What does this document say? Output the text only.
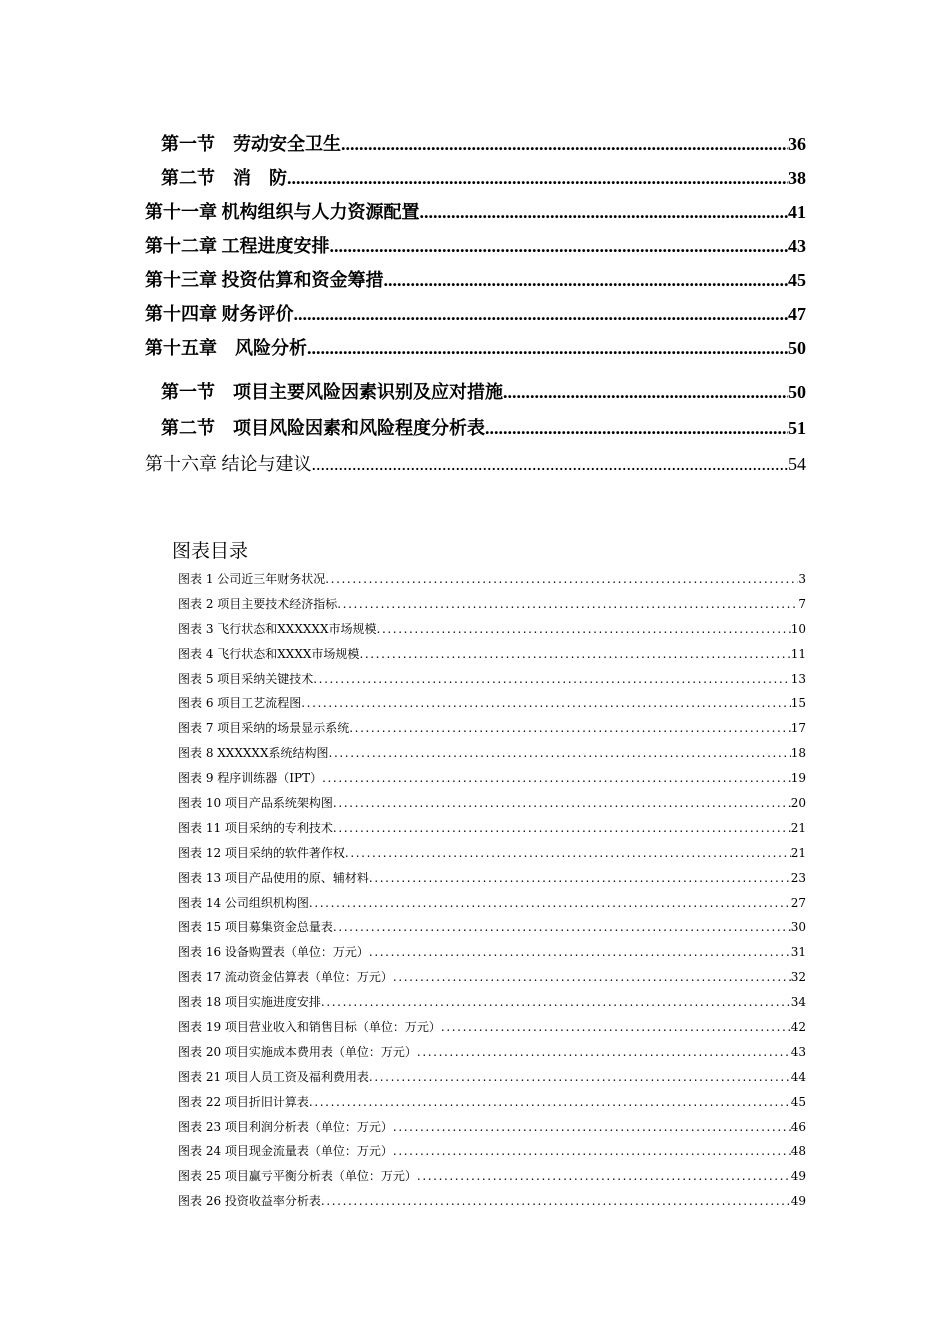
第一节　劳动安全卫生 .....	36
第二节　消　防 .....	38
第十一章 机构组织与人力资源配置 .....	41
第十二章 工程进度安排 .....	43
第十三章 投资估算和资金筹措 .....	45
第十四章 财务评价 .....	47
第十五章　风险分析 .....	50
第一节　项目主要风险因素识别及应对措施 .....	50
第二节　项目风险因素和风险程度分析表 .....	51
第十六章 结论与建议 .....	54
图表目录
图表 1 公司近三年财务状况 .....	3
图表 2 项目主要技术经济指标 .....	7
图表 3 飞行状态和XXXXXX市场规模 .....	10
图表 4 飞行状态和XXXX市场规模 .....	11
图表 5 项目采纳关键技术 .....	13
图表 6 项目工艺流程图 .....	15
图表 7 项目采纳的场景显示系统 .....	17
图表 8 XXXXXX系统结构图 .....	18
图表 9 程序训练器（IPT） .....	19
图表 10 项目产品系统架构图 .....	20
图表 11 项目采纳的专利技术 .....	21
图表 12 项目采纳的软件著作权 .....	21
图表 13 项目产品使用的原、辅材料 .....	23
图表 14 公司组织机构图 .....	27
图表 15 项目募集资金总量表 .....	30
图表 16 设备购置表（单位：万元） .....	31
图表 17 流动资金估算表（单位：万元） .....	32
图表 18 项目实施进度安排 .....	34
图表 19 项目营业收入和销售目标（单位：万元） .....	42
图表 20 项目实施成本费用表（单位：万元） .....	43
图表 21 项目人员工资及福利费用表 .....	44
图表 22 项目折旧计算表 .....	45
图表 23 项目利润分析表（单位：万元） .....	46
图表 24 项目现金流量表（单位：万元） .....	48
图表 25 项目赢亏平衡分析表（单位：万元） .....	49
图表 26 投资收益率分析表 .....	49
